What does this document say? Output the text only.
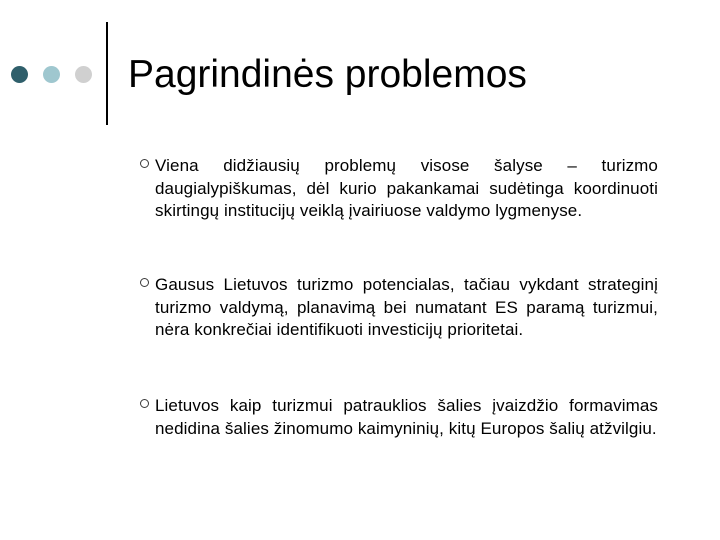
Pagrindinės problemos
Viena didžiausių problemų visose šalyse – turizmo daugialypiškumas, dėl kurio pakankamai sudėtinga koordinuoti skirtingų institucijų veiklą įvairiuose valdymo lygmenyse.
Gausus Lietuvos turizmo potencialas, tačiau vykdant strateginį turizmo valdymą, planavimą bei numatant ES paramą turizmui, nėra konkrečiai identifikuoti investicijų prioritetai.
Lietuvos kaip turizmui patrauklios šalies įvaizdžio formavimas nedidina šalies žinomumo kaimyninių, kitų Europos šalių atžvilgiu.
